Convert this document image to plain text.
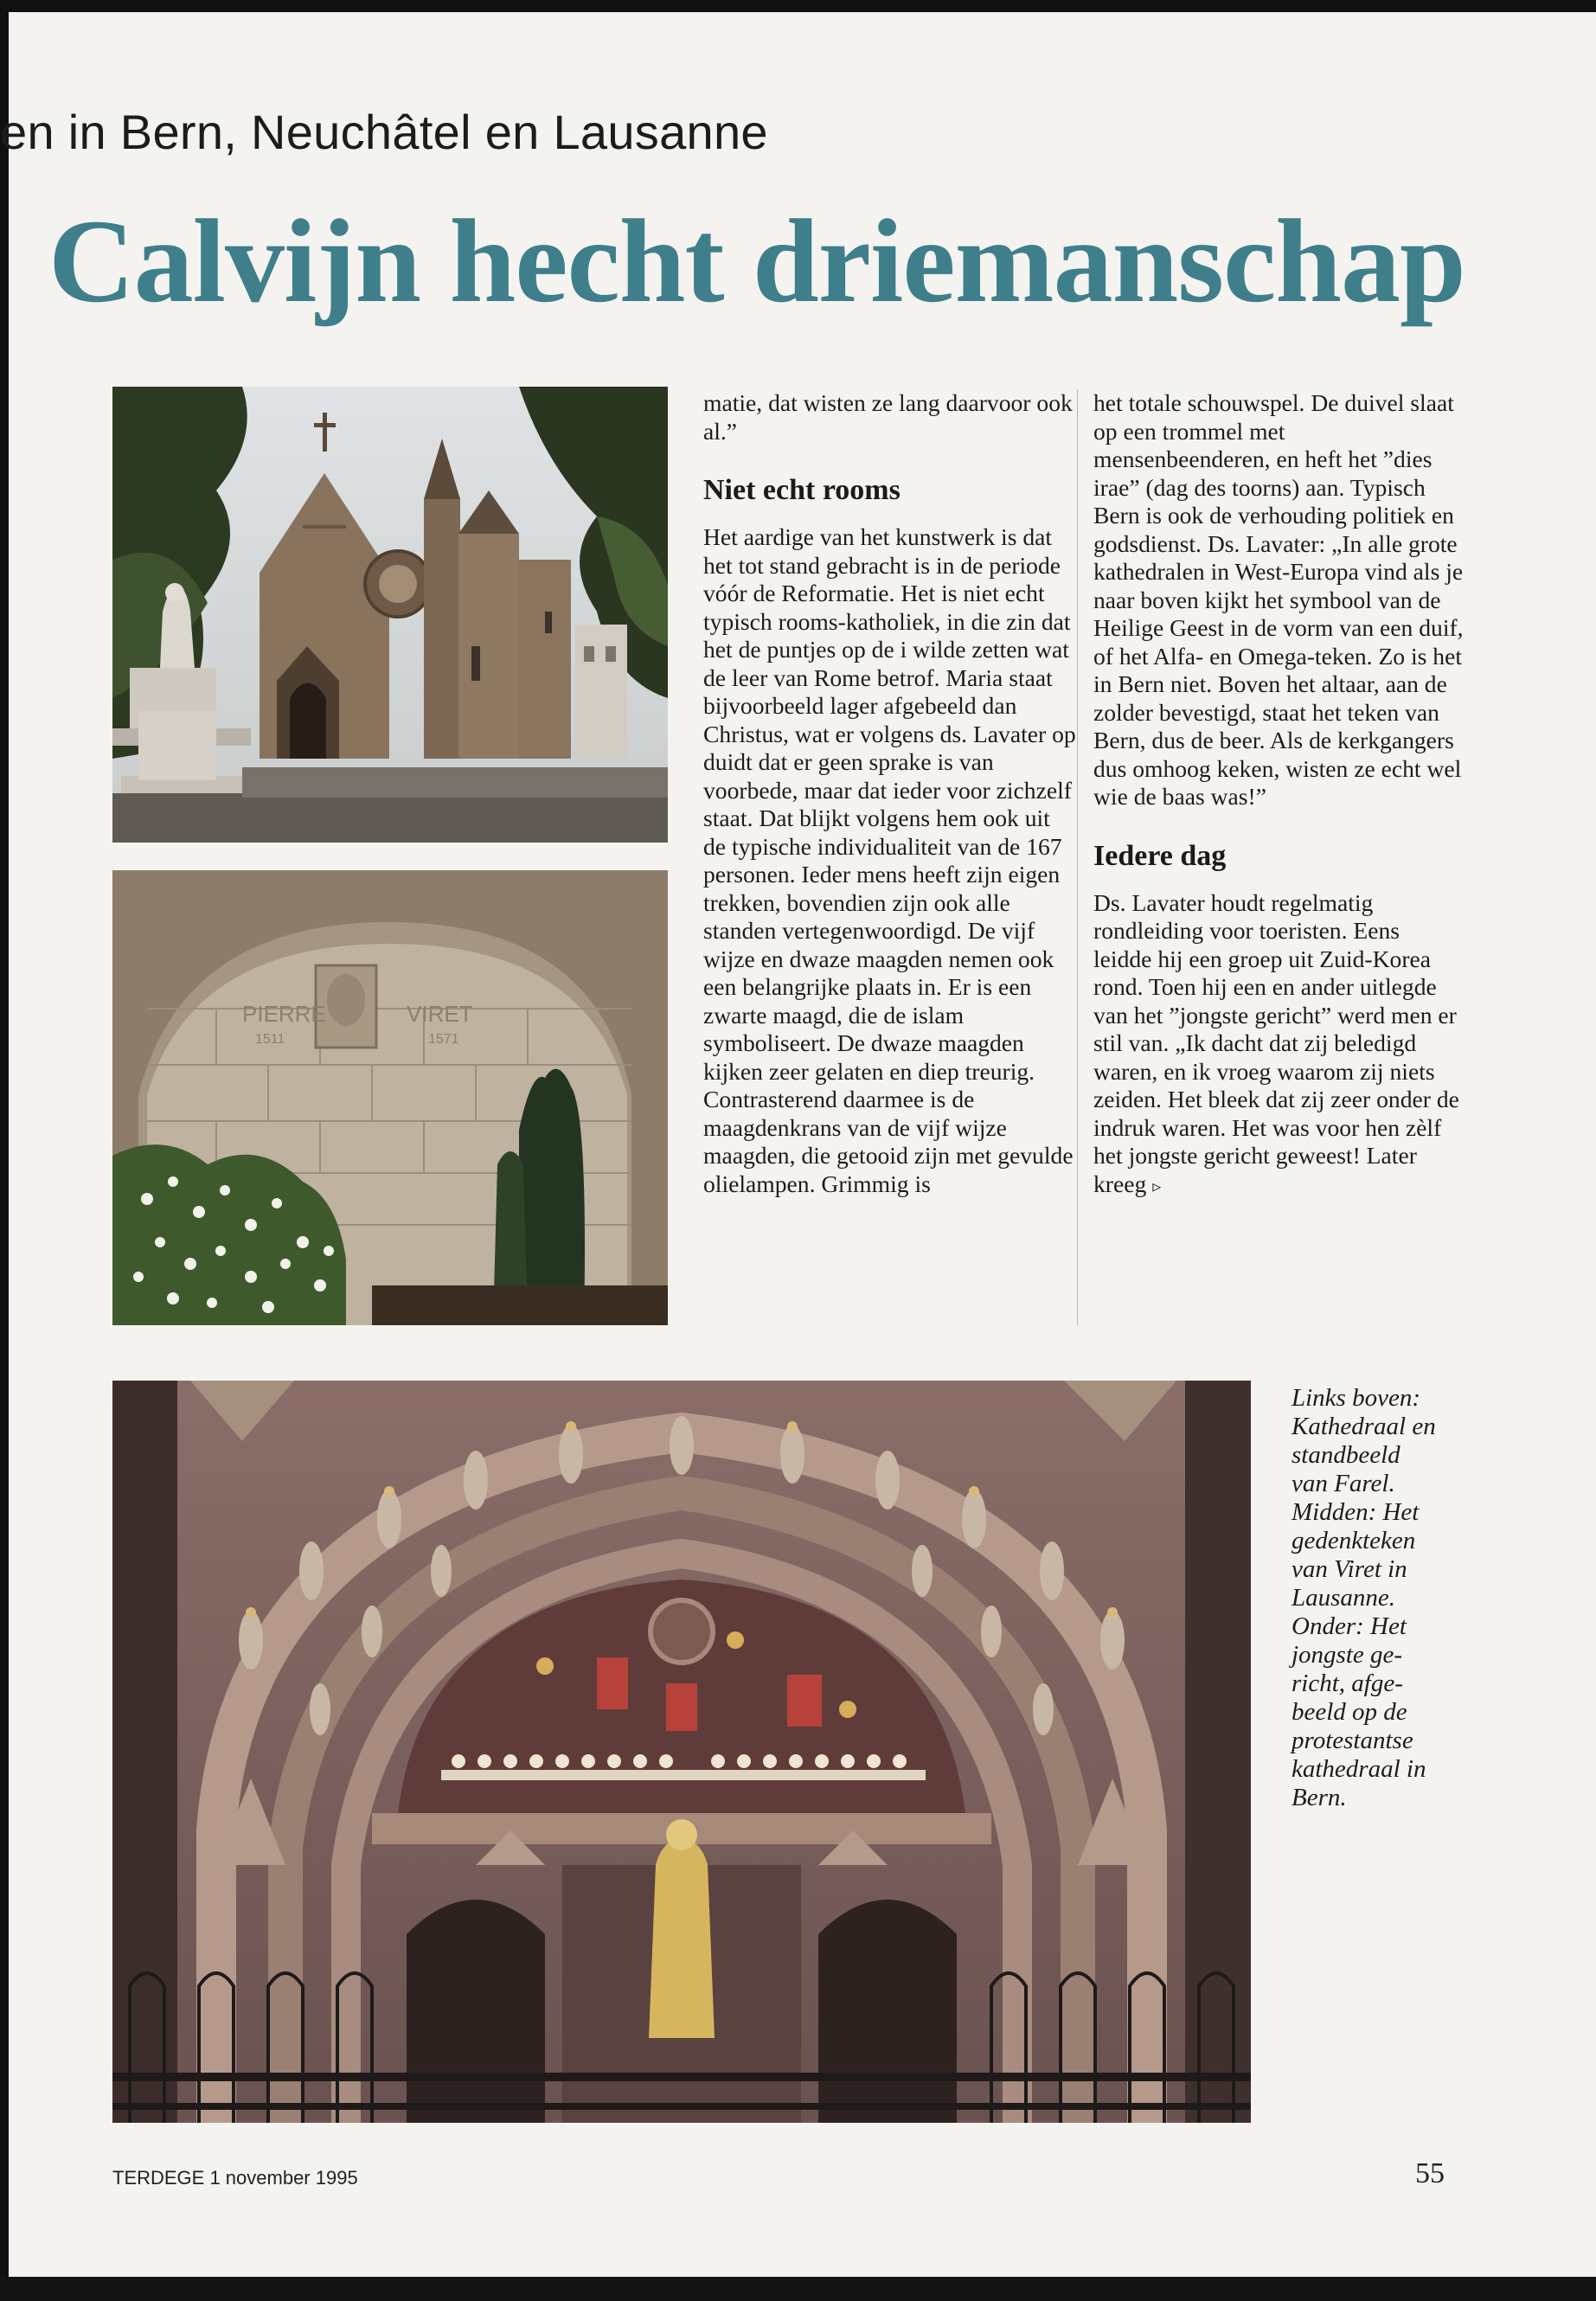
en in Bern, Neuchâtel en Lausanne
Calvijn hecht driemanschap
PIERRE
1511
VIRET
1571

matie, dat wisten ze lang daarvoor ook al.”

Niet echt rooms

Het aardige van het kunstwerk is dat het tot stand gebracht is in de periode vóór de Reformatie. Het is niet echt typisch rooms-katholiek, in die zin dat het de puntjes op de i wilde zetten wat de leer van Rome betrof. Maria staat bijvoorbeeld lager afgebeeld dan Christus, wat er volgens ds. Lavater op duidt dat er geen sprake is van voorbede, maar dat ieder voor zichzelf staat. Dat blijkt volgens hem ook uit de typische individualiteit van de 167 personen. Ieder mens heeft zijn eigen trekken, bovendien zijn ook alle standen vertegenwoordigd. De vijf wijze en dwaze maagden nemen ook een belangrijke plaats in. Er is een zwarte maagd, die de islam symboliseert. De dwaze maagden kijken zeer gelaten en diep treurig. Contrasterend daarmee is de maagdenkrans van de vijf wijze maagden, die getooid zijn met gevulde olielampen. Grimmig is

het totale schouwspel. De duivel slaat op een trommel met mensenbeenderen, en heft het ”dies irae” (dag des toorns) aan. Typisch Bern is ook de verhouding politiek en godsdienst. Ds. Lavater: „In alle grote kathedralen in West-Europa vind als je naar boven kijkt het symbool van de Heilige Geest in de vorm van een duif, of het Alfa- en Omega-teken. Zo is het in Bern niet. Boven het altaar, aan de zolder bevestigd, staat het teken van Bern, dus de beer. Als de kerkgangers dus omhoog keken, wisten ze echt wel wie de baas was!”

Iedere dag

Ds. Lavater houdt regelmatig rondleiding voor toeristen. Eens leidde hij een groep uit Zuid-Korea rond. Toen hij een en ander uitlegde van het ”jongste gericht” werd men er stil van. „Ik dacht dat zij beledigd waren, en ik vroeg waarom zij niets zeiden. Het bleek dat zij zeer onder de indruk waren. Het was voor hen zèlf het jongste gericht geweest! Later kreeg ▹

Links boven:
Kathedraal en
standbeeld
van Farel.
Midden: Het
gedenkteken
van Viret in
Lausanne.
Onder: Het
jongste ge-
richt, afge-
beeld op de
protestantse
kathedraal in
Bern.
TERDEGE 1 november 1995	55
